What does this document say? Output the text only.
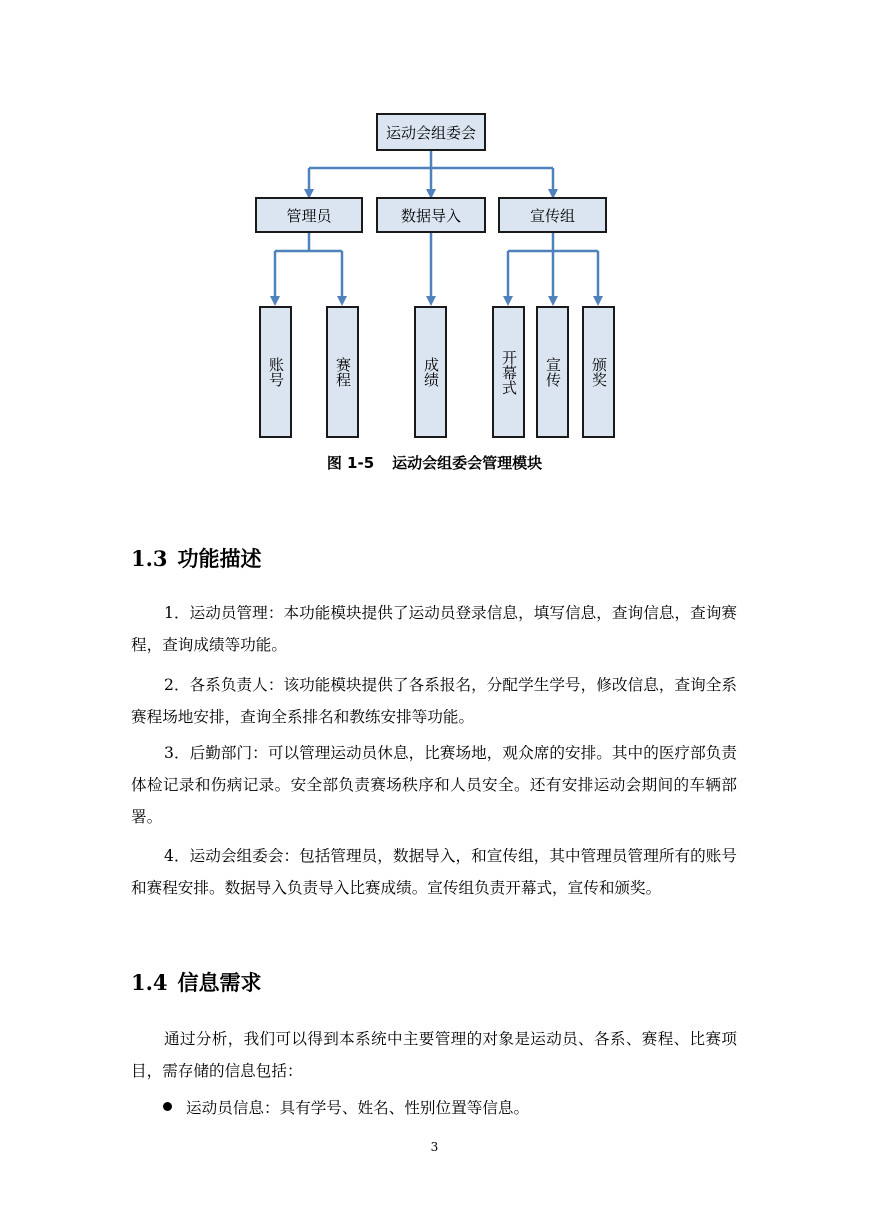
运动会组委会
管理员	数据导入	宣传组
账号	赛程	成绩	开幕式	宣传	颁奖
图 1-5 运动会组委会管理模块
1.3 功能描述

1．运动员管理：本功能模块提供了运动员登录信息，填写信息，查询信息，查询赛程，查询成绩等功能。

2．各系负责人：该功能模块提供了各系报名，分配学生学号，修改信息，查询全系赛程场地安排，查询全系排名和教练安排等功能。

3．后勤部门：可以管理运动员休息，比赛场地，观众席的安排。其中的医疗部负责体检记录和伤病记录。安全部负责赛场秩序和人员安全。还有安排运动会期间的车辆部署。

4．运动会组委会：包括管理员，数据导入，和宣传组，其中管理员管理所有的账号和赛程安排。数据导入负责导入比赛成绩。宣传组负责开幕式，宣传和颁奖。

1.4 信息需求

通过分析，我们可以得到本系统中主要管理的对象是运动员、各系、赛程、比赛项目，需存储的信息包括：

运动员信息：具有学号、姓名、性别位置等信息。

3
